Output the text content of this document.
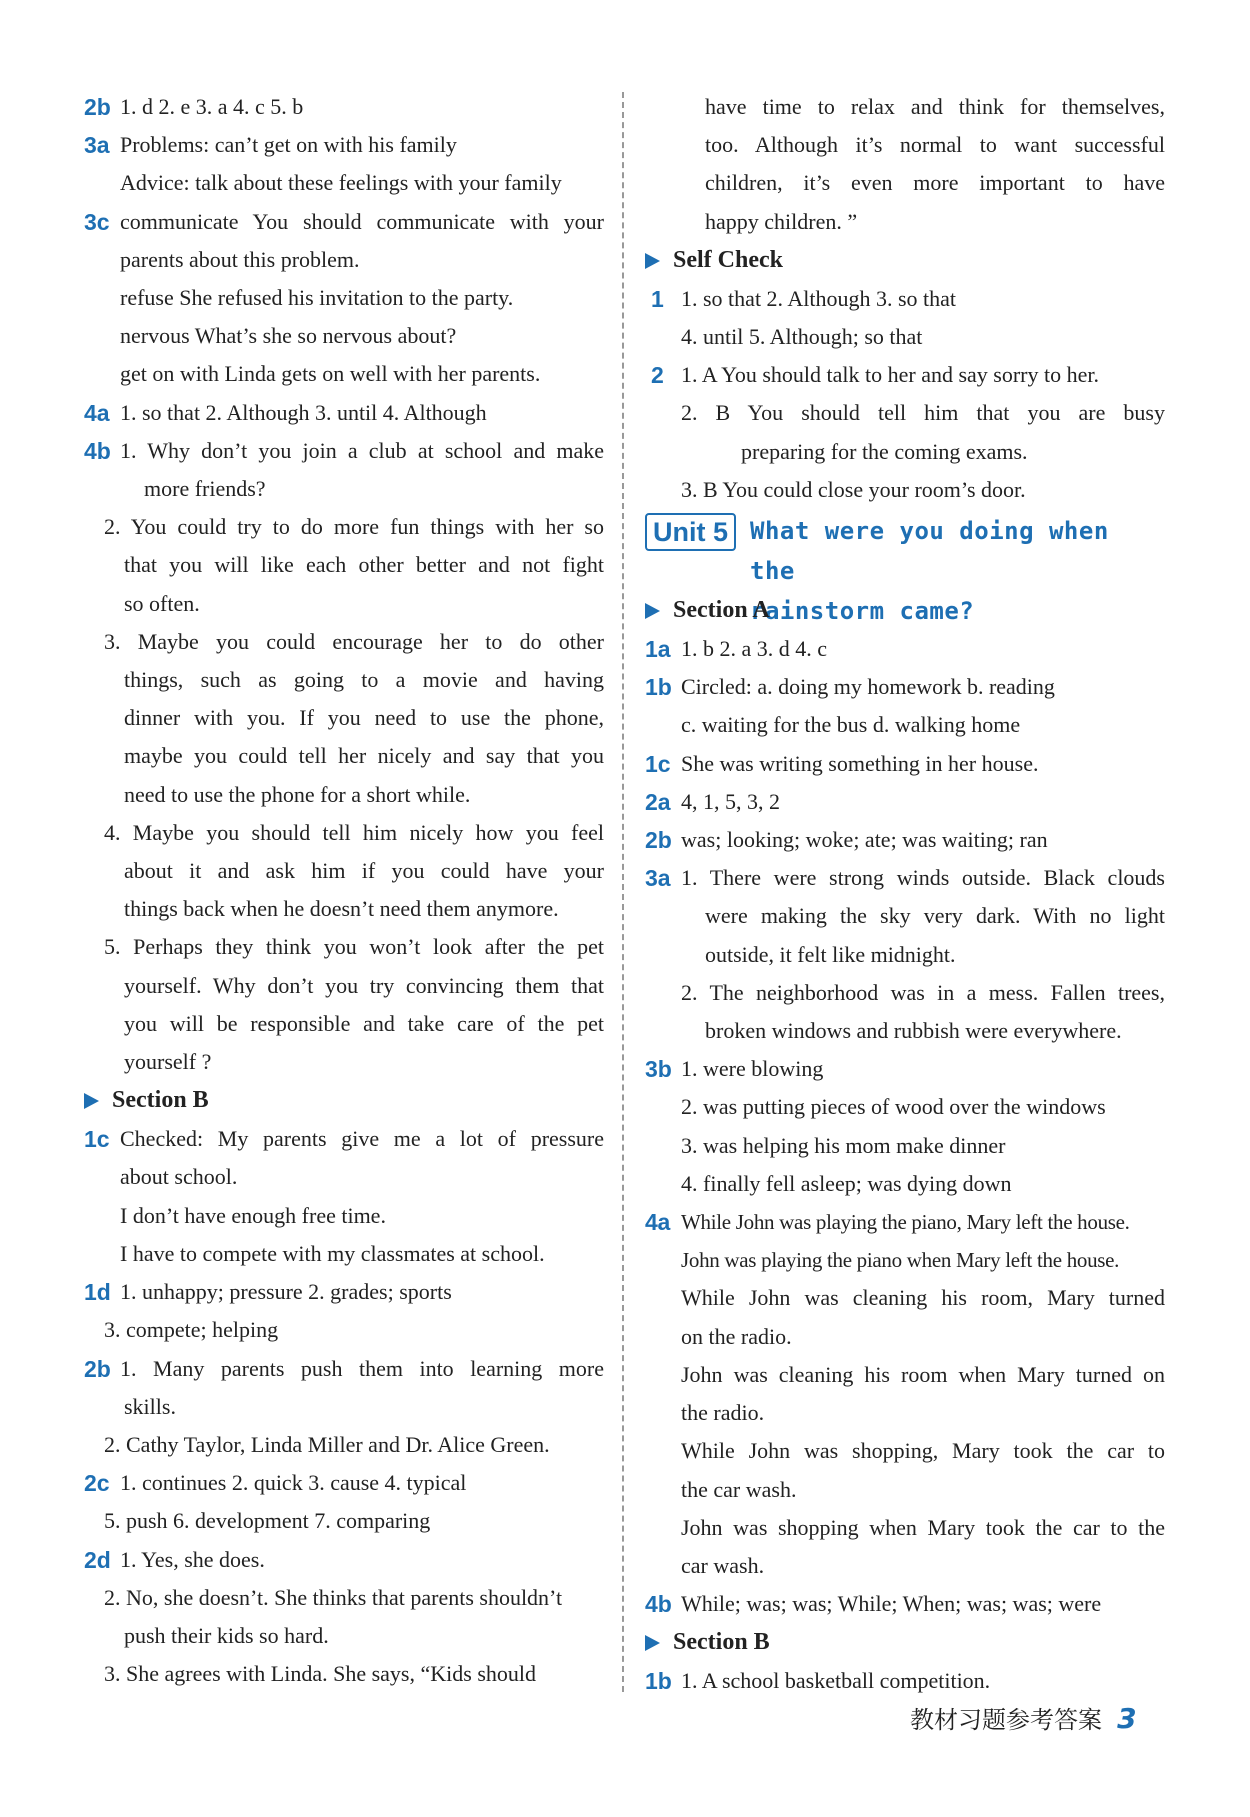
2b 1. d 2. e 3. a 4. c 5. b
3a Problems: can’t get on with his family
Advice: talk about these feelings with your family
3c communicate You should communicate with your
parents about this problem.
refuse She refused his invitation to the party.
nervous What’s she so nervous about?
get on with Linda gets on well with her parents.
4a 1. so that 2. Although 3. until 4. Although
4b 1. Why don’t you join a club at school and make
more friends?
2. You could try to do more fun things with her so
that you will like each other better and not fight
so often.
3. Maybe you could encourage her to do other
things, such as going to a movie and having
dinner with you. If you need to use the phone,
maybe you could tell her nicely and say that you
need to use the phone for a short while.
4. Maybe you should tell him nicely how you feel
about it and ask him if you could have your
things back when he doesn’t need them anymore.
5. Perhaps they think you won’t look after the pet
yourself. Why don’t you try convincing them that
you will be responsible and take care of the pet
yourself ?
Section B
1c Checked: My parents give me a lot of pressure
about school.
I don’t have enough free time.
I have to compete with my classmates at school.
1d 1. unhappy; pressure 2. grades; sports
3. compete; helping
2b 1. Many parents push them into learning more
skills.
2. Cathy Taylor, Linda Miller and Dr. Alice Green.
2c 1. continues 2. quick 3. cause 4. typical
5. push 6. development 7. comparing
2d 1. Yes, she does.
2. No, she doesn’t. She thinks that parents shouldn’t
push their kids so hard.
3. She agrees with Linda. She says, “Kids should
have time to relax and think for themselves,
too. Although it’s normal to want successful
children, it’s even more important to have
happy children. ”
Self Check
1 1. so that 2. Although 3. so that
4. until 5. Although; so that
2 1. A You should talk to her and say sorry to her.
2. B You should tell him that you are busy
preparing for the coming exams.
3. B You could close your room’s door.
Unit 5 What were you doing when the
rainstorm came?
Section A
1a 1. b 2. a 3. d 4. c
1b Circled: a. doing my homework b. reading
c. waiting for the bus d. walking home
1c She was writing something in her house.
2a 4, 1, 5, 3, 2
2b was; looking; woke; ate; was waiting; ran
3a 1. There were strong winds outside. Black clouds
were making the sky very dark. With no light
outside, it felt like midnight.
2. The neighborhood was in a mess. Fallen trees,
broken windows and rubbish were everywhere.
3b 1. were blowing
2. was putting pieces of wood over the windows
3. was helping his mom make dinner
4. finally fell asleep; was dying down
4a While John was playing the piano, Mary left the house.
John was playing the piano when Mary left the house.
While John was cleaning his room, Mary turned
on the radio.
John was cleaning his room when Mary turned on
the radio.
While John was shopping, Mary took the car to
the car wash.
John was shopping when Mary took the car to the
car wash.
4b While; was; was; While; When; was; was; were
Section B
1b 1. A school basketball competition.
教材习题参考答案 3
